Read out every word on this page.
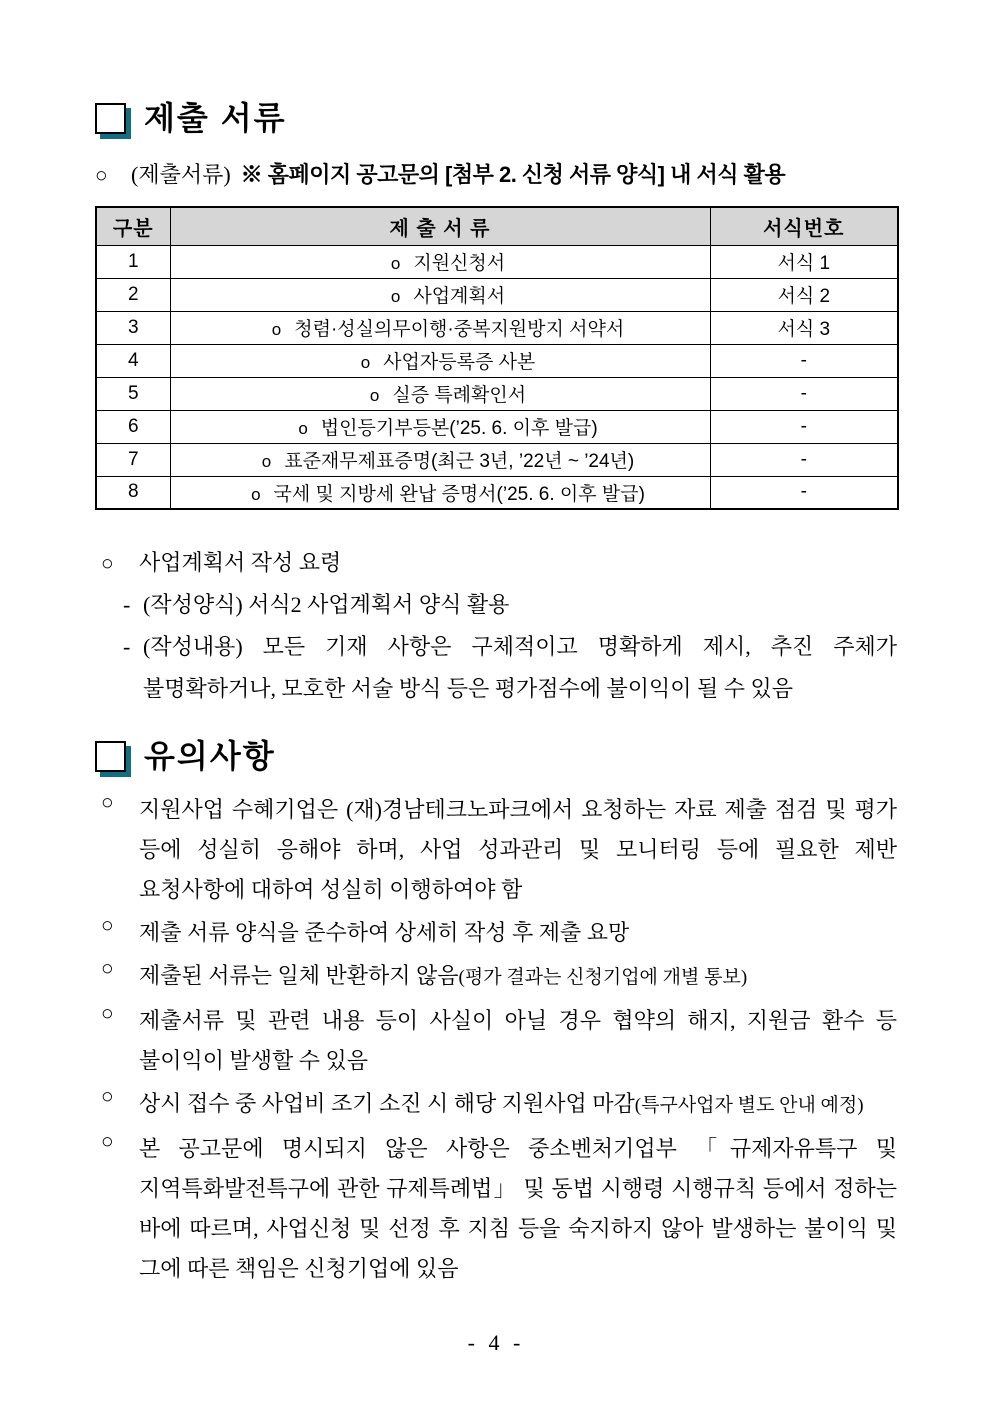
제출 서류
○	(제출서류) ※ 홈페이지 공고문의 [첨부 2. 신청 서류 양식] 내 서식 활용
구분	제 출 서 류	서식번호
1	o 지원신청서	서식 1
2	o 사업계획서	서식 2
3	o 청렴·성실의무이행·중복지원방지 서약서	서식 3
4	o 사업자등록증 사본	-
5	o 실증 특례확인서	-
6	o 법인등기부등본(’25. 6. 이후 발급)	-
7	o 표준재무제표증명(최근 3년, ’22년 ~ ’24년)	-
8	o 국세 및 지방세 완납 증명서(’25. 6. 이후 발급)	-
○	사업계획서 작성 요령
- (작성양식) 서식2 사업계획서 양식 활용
- (작성내용) 모든 기재 사항은 구체적이고 명확하게 제시, 추진 주체가 불명확하거나, 모호한 서술 방식 등은 평가점수에 불이익이 될 수 있음
유의사항
○	지원사업 수혜기업은 (재)경남테크노파크에서 요청하는 자료 제출 점검 및 평가 등에 성실히 응해야 하며, 사업 성과관리 및 모니터링 등에 필요한 제반 요청사항에 대하여 성실히 이행하여야 함
○	제출 서류 양식을 준수하여 상세히 작성 후 제출 요망
○	제출된 서류는 일체 반환하지 않음(평가 결과는 신청기업에 개별 통보)
○	제출서류 및 관련 내용 등이 사실이 아닐 경우 협약의 해지, 지원금 환수 등 불이익이 발생할 수 있음
○	상시 접수 중 사업비 조기 소진 시 해당 지원사업 마감(특구사업자 별도 안내 예정)
○	본 공고문에 명시되지 않은 사항은 중소벤처기업부 「규제자유특구 및 지역특화발전특구에 관한 규제특례법」 및 동법 시행령 시행규칙 등에서 정하는 바에 따르며, 사업신청 및 선정 후 지침 등을 숙지하지 않아 발생하는 불이익 및 그에 따른 책임은 신청기업에 있음
- 4 -
